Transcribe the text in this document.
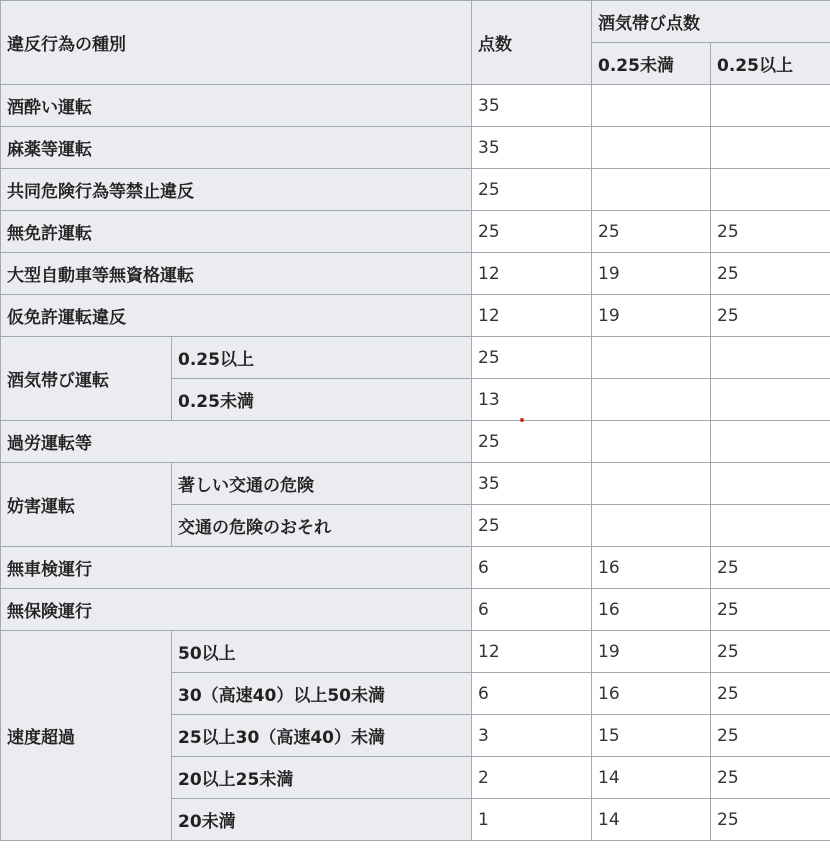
違反行為の種別		点数	酒気帯び点数	
			0.25未満	0.25以上
酒酔い運転		35		
麻薬等運転		35		
共同危険行為等禁止違反		25		
無免許運転		25	25	25
大型自動車等無資格運転		12	19	25
仮免許運転違反		12	19	25
酒気帯び運転	0.25以上	25		
	0.25未満	13		
過労運転等		25		
妨害運転	著しい交通の危険	35		
	交通の危険のおそれ	25		
無車検運行		6	16	25
無保険運行		6	16	25
速度超過	50以上	12	19	25
	30（高速40）以上50未満	6	16	25
	25以上30（高速40）未満	3	15	25
	20以上25未満	2	14	25
	20未満	1	14	25
